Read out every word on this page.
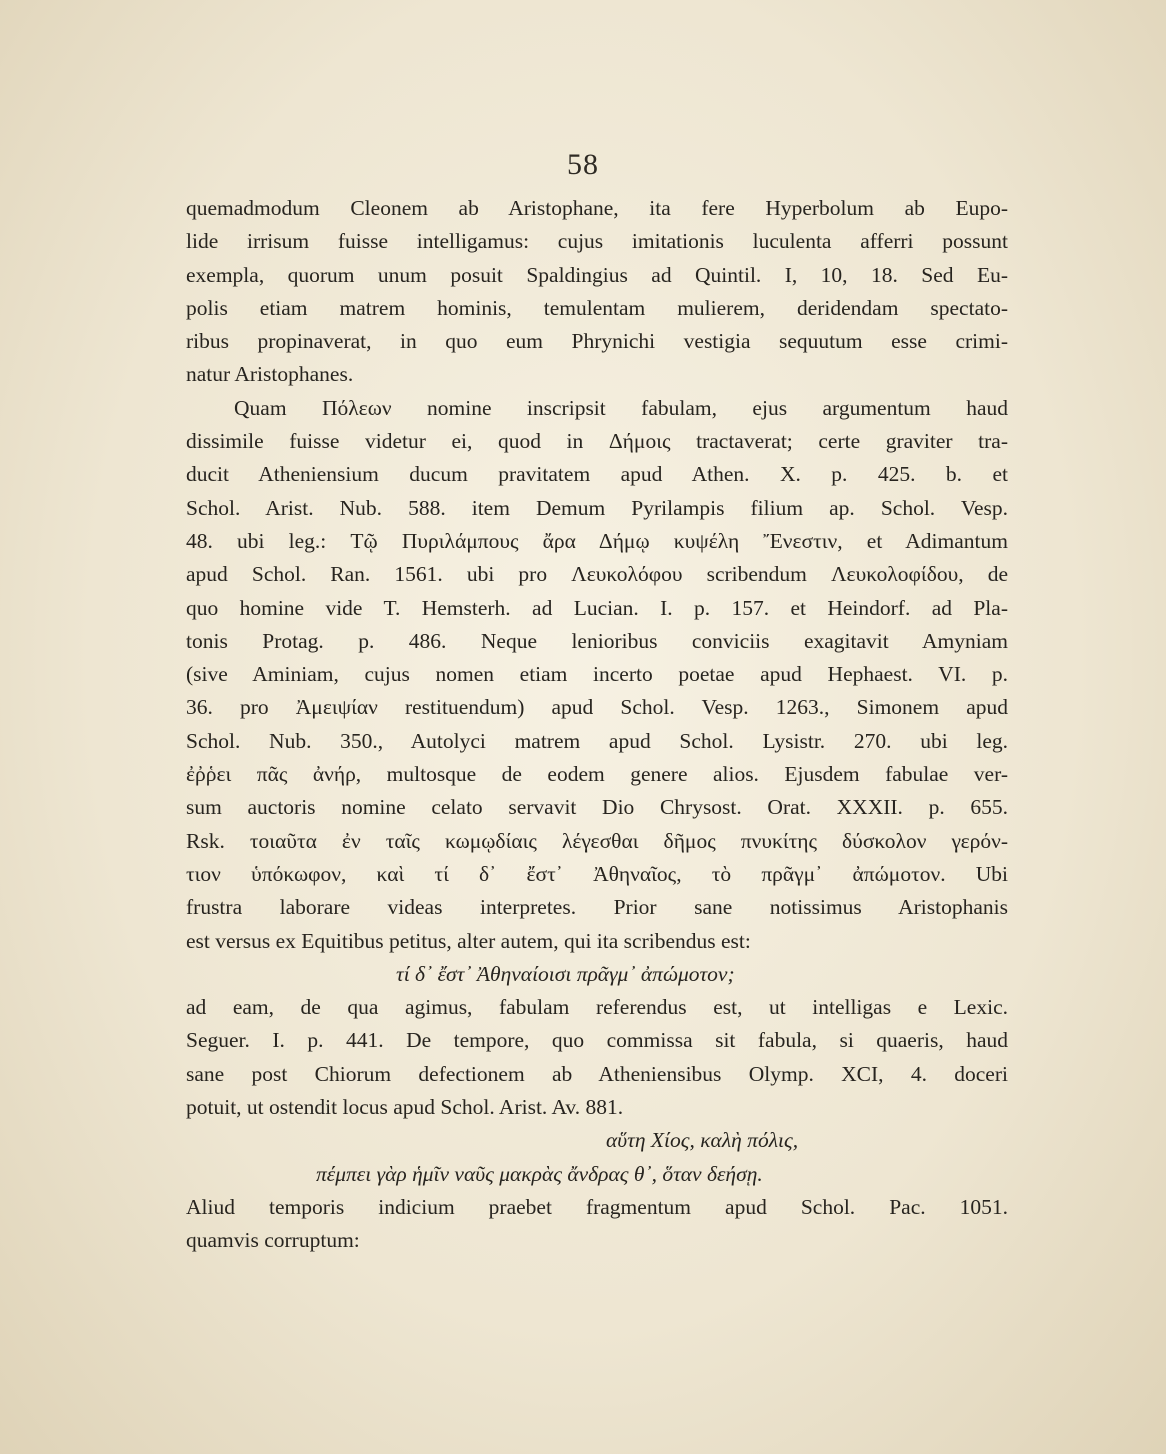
58
quemadmodum Cleonem ab Aristophane, ita fere Hyperbolum ab Eupo-
lide irrisum fuisse intelligamus: cujus imitationis luculenta afferri possunt
exempla, quorum unum posuit Spaldingius ad Quintil. I, 10, 18. Sed Eu-
polis etiam matrem hominis, temulentam mulierem, deridendam spectato-
ribus propinaverat, in quo eum Phrynichi vestigia sequutum esse crimi-
natur Aristophanes.
Quam Πόλεων nomine inscripsit fabulam, ejus argumentum haud
dissimile fuisse videtur ei, quod in Δήμοις tractaverat; certe graviter tra-
ducit Atheniensium ducum pravitatem apud Athen. X. p. 425. b. et
Schol. Arist. Nub. 588. item Demum Pyrilampis filium ap. Schol. Vesp.
48. ubi leg.: Τῷ Πυριλάμπους ἄρα Δήμῳ κυψέλη Ἔνεστιν, et Adimantum
apud Schol. Ran. 1561. ubi pro Λευκολόφου scribendum Λευκολοφίδου, de
quo homine vide T. Hemsterh. ad Lucian. I. p. 157. et Heindorf. ad Pla-
tonis Protag. p. 486. Neque lenioribus conviciis exagitavit Amyniam
(sive Aminiam, cujus nomen etiam incerto poetae apud Hephaest. VI. p.
36. pro Ἀμειψίαν restituendum) apud Schol. Vesp. 1263., Simonem apud
Schol. Nub. 350., Autolyci matrem apud Schol. Lysistr. 270. ubi leg.
ἐῤῥει πᾶς ἀνήρ, multosque de eodem genere alios. Ejusdem fabulae ver-
sum auctoris nomine celato servavit Dio Chrysost. Orat. XXXII. p. 655.
Rsk. τοιαῦτα ἐν ταῖς κωμῳδίαις λέγεσθαι δῆμος πνυκίτης δύσκολον γερόν-
τιον ὑπόκωφον, καὶ τί δ᾽ ἔστ᾽ Ἀθηναῖος, τὸ πρᾶγμ᾽ ἀπώμοτον. Ubi
frustra laborare videas interpretes. Prior sane notissimus Aristophanis
est versus ex Equitibus petitus, alter autem, qui ita scribendus est:
τί δ᾽ ἔστ᾽ Ἀθηναίοισι πρᾶγμ᾽ ἀπώμοτον;
ad eam, de qua agimus, fabulam referendus est, ut intelligas e Lexic.
Seguer. I. p. 441. De tempore, quo commissa sit fabula, si quaeris, haud
sane post Chiorum defectionem ab Atheniensibus Olymp. XCI, 4. doceri
potuit, ut ostendit locus apud Schol. Arist. Av. 881.
αὕτη Χίος, καλὴ πόλις,
πέμπει γὰρ ἡμῖν ναῦς μακρὰς ἄνδρας θ᾽, ὅταν δεήσῃ.
Aliud temporis indicium praebet fragmentum apud Schol. Pac. 1051.
quamvis corruptum:
